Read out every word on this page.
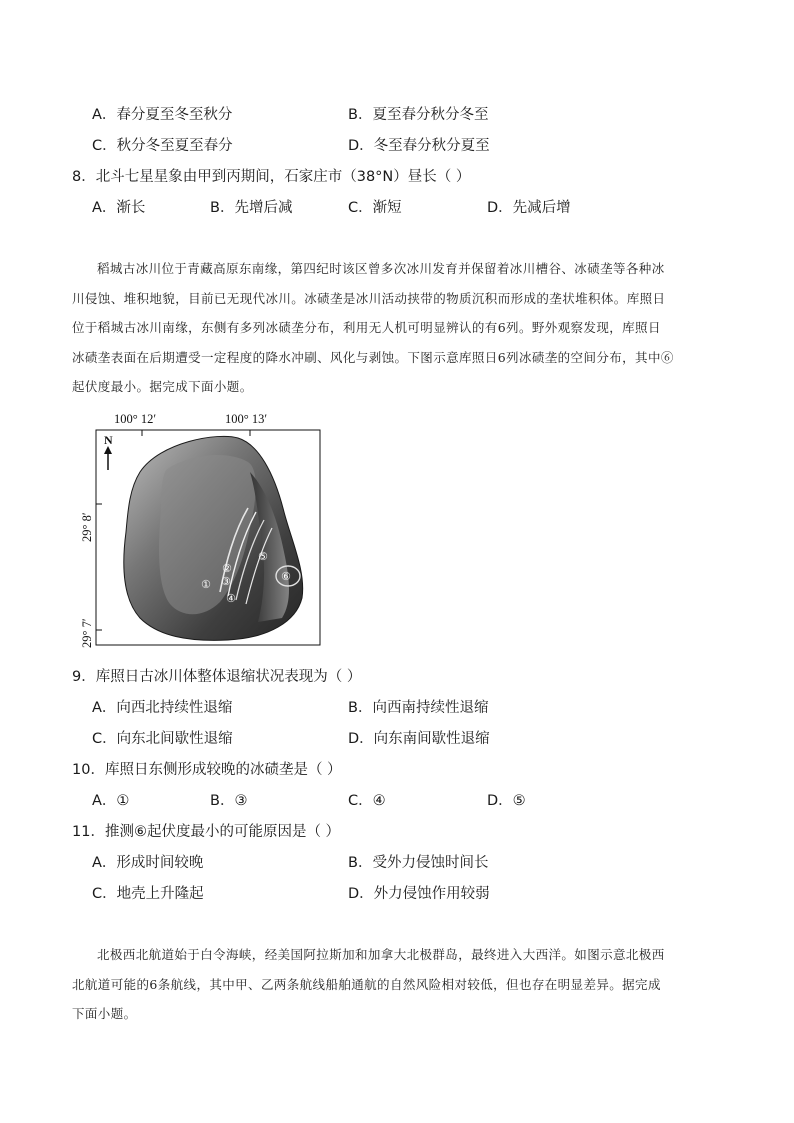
A．春分夏至冬至秋分	B．夏至春分秋分冬至
C．秋分冬至夏至春分	D．冬至春分秋分夏至
8．北斗七星星象由甲到丙期间，石家庄市（38°N）昼长（ ）
A．渐长	B．先增后减	C．渐短	D．先减后增
稻城古冰川位于青藏高原东南缘，第四纪时该区曾多次冰川发育并保留着冰川槽谷、冰碛垄等各种冰
川侵蚀、堆积地貌，目前已无现代冰川。冰碛垄是冰川活动挟带的物质沉积而形成的垄状堆积体。库照日
位于稻城古冰川南缘，东侧有多列冰碛垄分布，利用无人机可明显辨认的有6列。野外观察发现，库照日
冰碛垄表面在后期遭受一定程度的降水冲刷、风化与剥蚀。下图示意库照日6列冰碛垄的空间分布，其中⑥
起伏度最小。据完成下面小题。
100° 12′	100° 13′
29° 8′
29° 7′
N
①
②
③
④
⑤
⑥
9．库照日古冰川体整体退缩状况表现为（ ）
A．向西北持续性退缩	B．向西南持续性退缩
C．向东北间歇性退缩	D．向东南间歇性退缩
10．库照日东侧形成较晚的冰碛垄是（ ）
A．①	B．③	C．④	D．⑤
11．推测⑥起伏度最小的可能原因是（ ）
A．形成时间较晚	B．受外力侵蚀时间长
C．地壳上升隆起	D．外力侵蚀作用较弱
北极西北航道始于白令海峡，经美国阿拉斯加和加拿大北极群岛，最终进入大西洋。如图示意北极西
北航道可能的6条航线，其中甲、乙两条航线船舶通航的自然风险相对较低，但也存在明显差异。据完成
下面小题。
